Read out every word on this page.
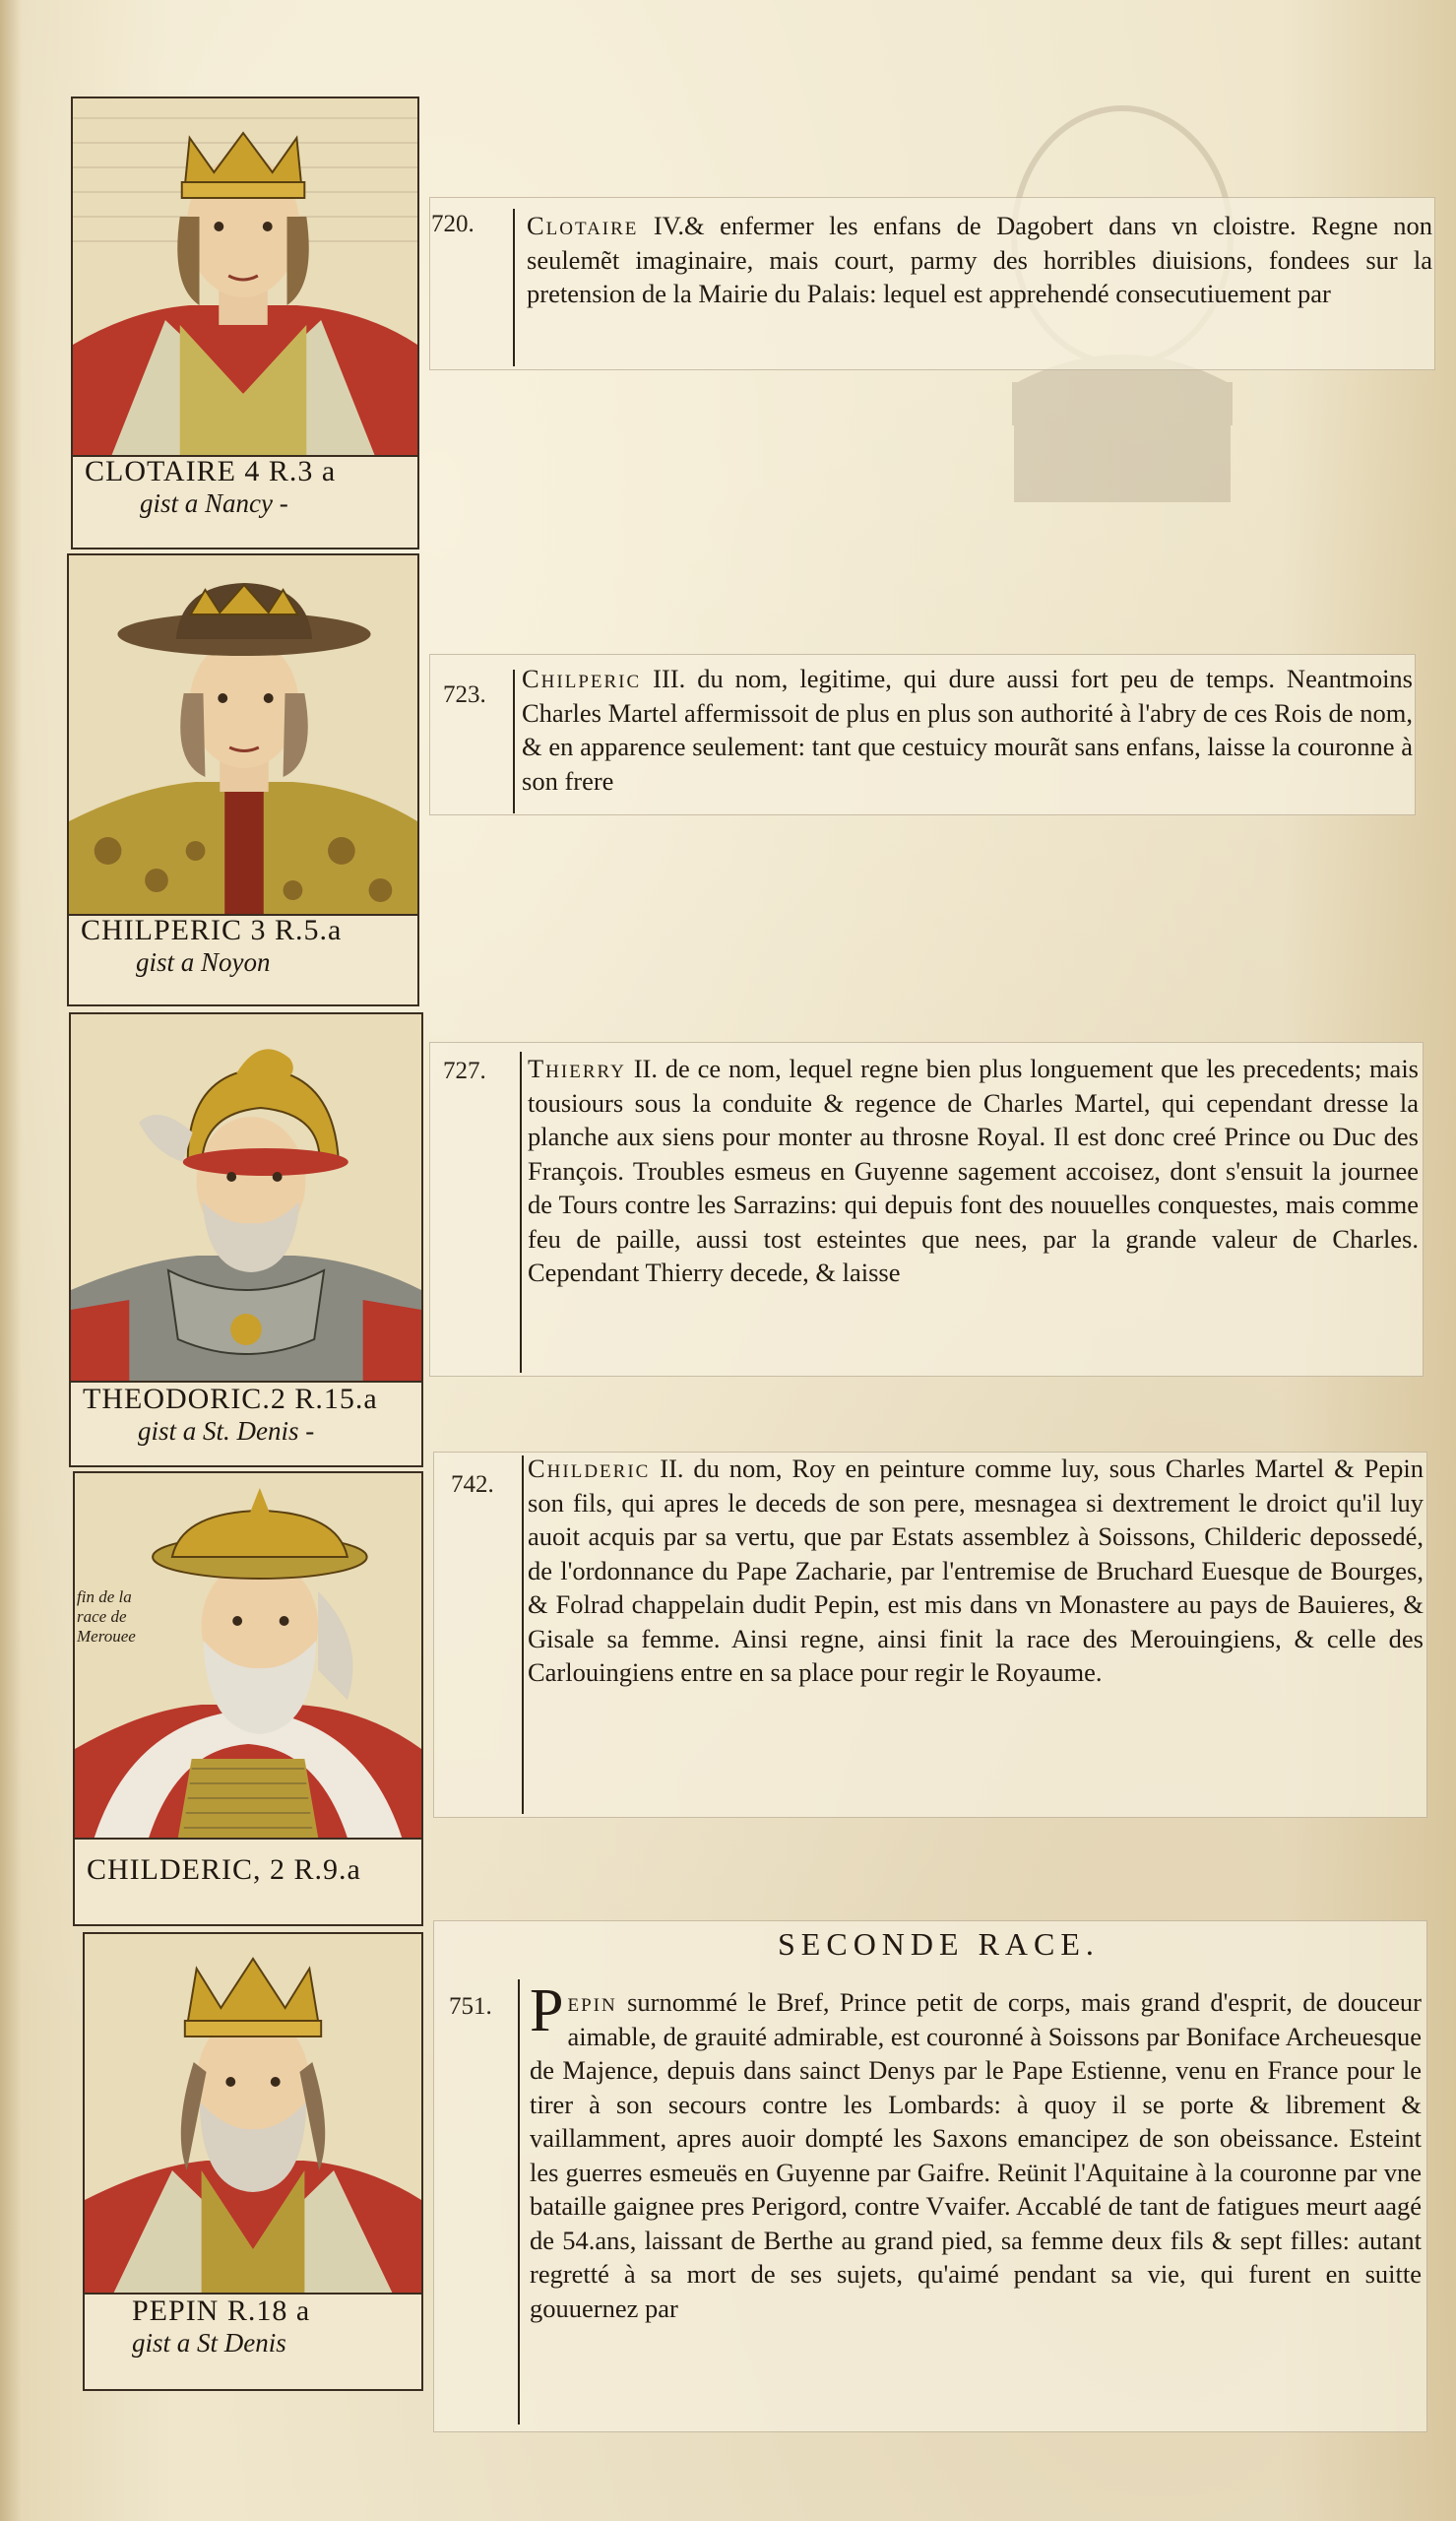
CLOTAIRE 4 R.3 a
gist a Nancy -
720. Clotaire IV.& enfermer les enfans de Dagobert dans vn cloistre. Regne non seulemẽt imaginaire, mais court, parmy des horribles diuisions, fondees sur la pretension de la Mairie du Palais: lequel est apprehendé consecutiuement par
CHILPERIC 3 R.5.a
gist a Noyon
723.
Chilperic III. du nom, legitime, qui dure aussi fort peu de temps. Neantmoins Charles Martel affermissoit de plus en plus son authorité à l'abry de ces Rois de nom, & en apparence seulement: tant que cestuicy mourãt sans enfans, laisse la couronne à son frere
THEODORIC.2 R.15.a
gist a St. Denis -
727. Thierry II. de ce nom, lequel regne bien plus longuement que les precedents; mais tousiours sous la conduite & regence de Charles Martel, qui cependant dresse la planche aux siens pour monter au throsne Royal. Il est donc creé Prince ou Duc des François. Troubles esmeus en Guyenne sagement accoisez, dont s'ensuit la journee de Tours contre les Sarrazins: qui depuis font des nouuelles conquestes, mais comme feu de paille, aussi tost esteintes que nees, par la grande valeur de Charles. Cependant Thierry decede, & laisse
CHILDERIC, 2 R.9.a
fin de la race de Merouee
742.
Childeric II. du nom, Roy en peinture comme luy, sous Charles Martel & Pepin son fils, qui apres le deceds de son pere, mesnagea si dextrement le droict qu'il luy auoit acquis par sa vertu, que par Estats assemblez à Soissons, Childeric depossedé, de l'ordonnance du Pape Zacharie, par l'entremise de Bruchard Euesque de Bourges, & Folrad chappelain dudit Pepin, est mis dans vn Monastere au pays de Bauieres, & Gisale sa femme. Ainsi regne, ainsi finit la race des Merouingiens, & celle des Carlouingiens entre en sa place pour regir le Royaume.
PEPIN R.18 a
gist a St Denis
SECONDE RACE.
751. Pepin surnommé le Bref, Prince petit de corps, mais grand d'esprit, de douceur aimable, de grauité admirable, est couronné à Soissons par Boniface Archeuesque de Majence, depuis dans sainct Denys par le Pape Estienne, venu en France pour le tirer à son secours contre les Lombards: à quoy il se porte & librement & vaillamment, apres auoir dompté les Saxons emancipez de son obeissance. Esteint les guerres esmeuës en Guyenne par Gaifre. Reünit l'Aquitaine à la couronne par vne bataille gaignee pres Perigord, contre Vvaifer. Accablé de tant de fatigues meurt aagé de 54.ans, laissant de Berthe au grand pied, sa femme deux fils & sept filles: autant regretté à sa mort de ses sujets, qu'aimé pendant sa vie, qui furent en suitte gouuernez par
